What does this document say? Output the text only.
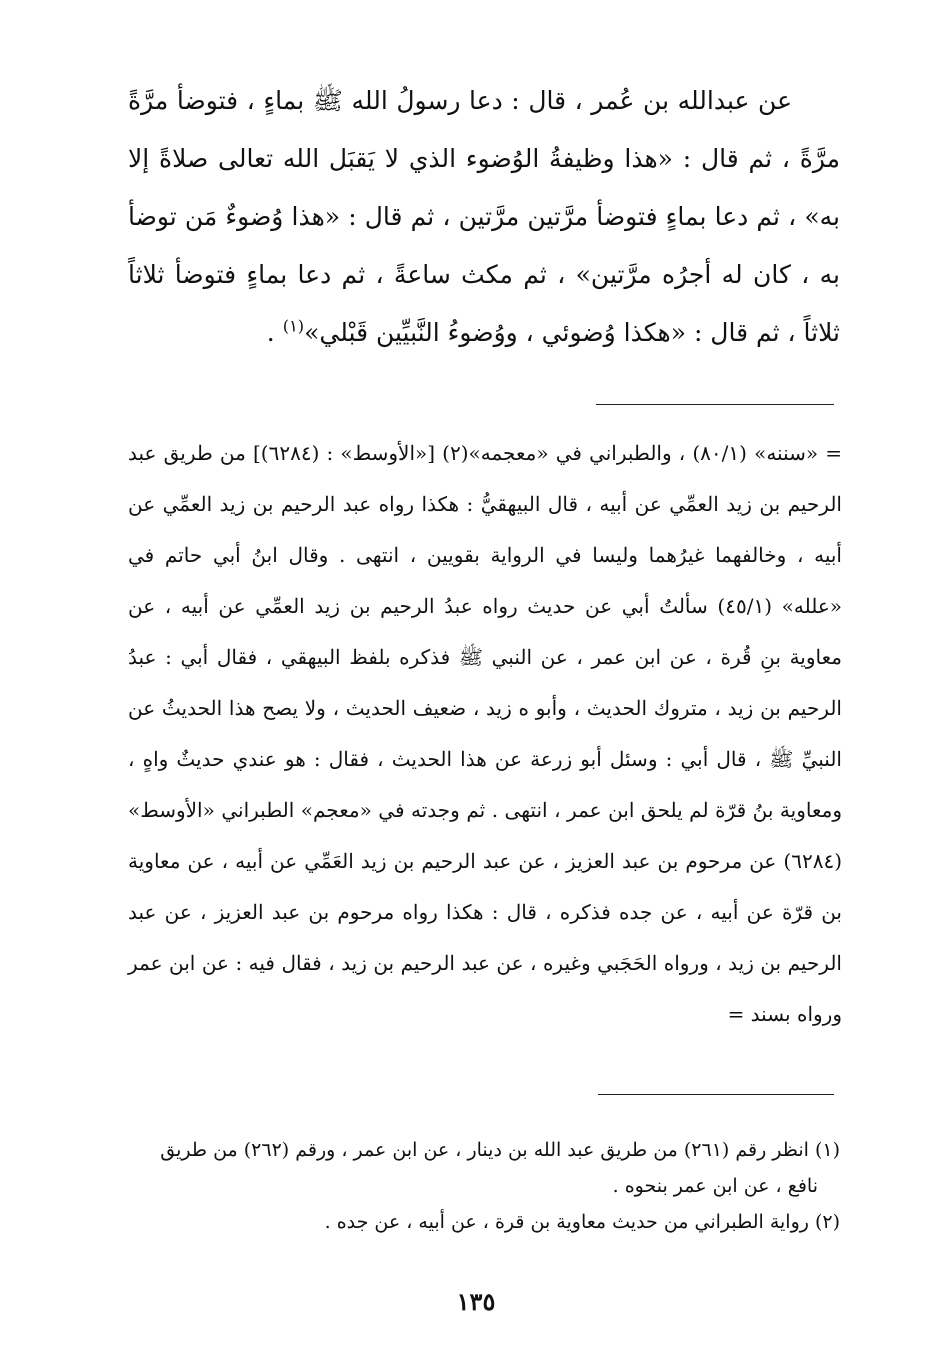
عن عبدالله بن عُمر ، قال : دعا رسولُ الله ﷺ بماءٍ ، فتوضأ مرَّةً مرَّةً ، ثم قال : «هذا وظيفةُ الوُضوء الذي لا يَقبَل الله تعالى صلاةً إلا به» ، ثم دعا بماءٍ فتوضأ مرَّتين مرَّتين ، ثم قال : «هذا وُضوءٌ مَن توضأ به ، كان له أجرُه مرَّتين» ، ثم مكث ساعةً ، ثم دعا بماءٍ فتوضأ ثلاثاً ثلاثاً ، ثم قال : «هكذا وُضوئي ، ووُضوءُ النَّبيِّين قَبْلي»$^{(١)}$ .

= «سننه» (٨٠/١) ، والطبراني في «معجمه»(٢) [«الأوسط» : (٦٢٨٤)] من طريق عبد الرحيم بن زيد العمِّي عن أبيه ، قال البيهقيُّ : هكذا رواه عبد الرحيم بن زيد العمِّي عن أبيه ، وخالفهما غيرُهما وليسا في الرواية بقويين ، انتهى . وقال ابنُ أبي حاتم في «علله» (٤٥/١) سألتُ أبي عن حديث رواه عبدُ الرحيم بن زيد العمِّي عن أبيه ، عن معاوية بنِ قُرة ، عن ابن عمر ، عن النبي ﷺ فذكره بلفظ البيهقي ، فقال أبي : عبدُ الرحيم بن زيد ، متروك الحديث ، وأبو ه زيد ، ضعيف الحديث ، ولا يصح هذا الحديثُ عن النبيِّ ﷺ ، قال أبي : وسئل أبو زرعة عن هذا الحديث ، فقال : هو عندي حديثٌ واهٍ ، ومعاوية بنُ قرّة لم يلحق ابن عمر ، انتهى . ثم وجدته في «معجم» الطبراني «الأوسط» (٦٢٨٤) عن مرحوم بن عبد العزيز ، عن عبد الرحيم بن زيد العَمِّي عن أبيه ، عن معاوية بن قرّة عن أبيه ، عن جده فذكره ، قال : هكذا رواه مرحوم بن عبد العزيز ، عن عبد الرحيم بن زيد ، ورواه الحَجَبي وغيره ، عن عبد الرحيم بن زيد ، فقال فيه : عن ابن عمر ورواه بسند =

(١)انظر رقم (٢٦١) من طريق عبد الله بن دينار ، عن ابن عمر ، ورقم (٢٦٢) من طريق

نافع ، عن ابن عمر بنحوه .

(٢)رواية الطبراني من حديث معاوية بن قرة ، عن أبيه ، عن جده .

١٣٥
